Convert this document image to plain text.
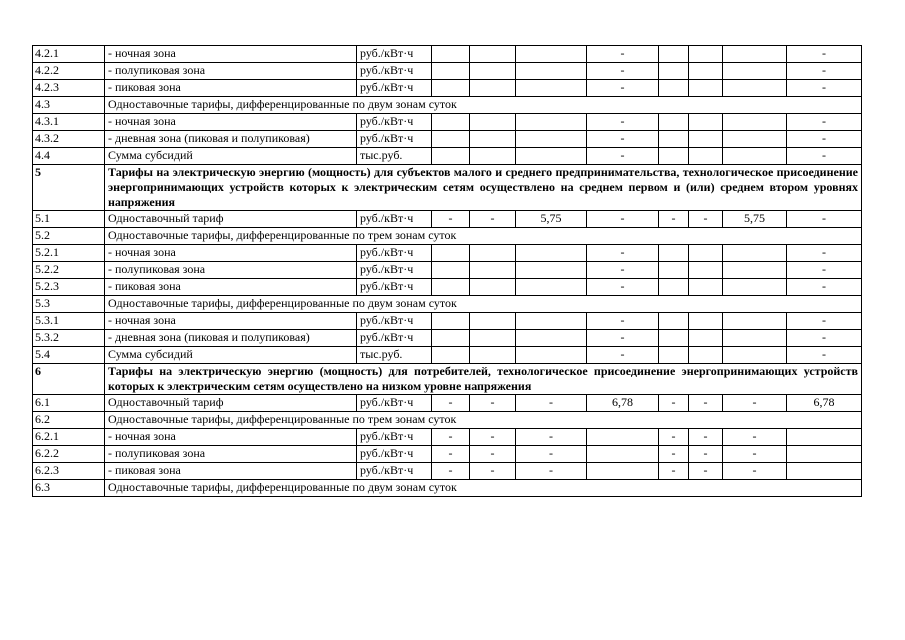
4.2.1	- ночная зона	руб./кВт·ч				-				-
4.2.2	- полупиковая зона	руб./кВт·ч				-				-
4.2.3	- пиковая зона	руб./кВт·ч				-				-
4.3	Одноставочные тарифы, дифференцированные по двум зонам суток									
4.3.1	- ночная зона	руб./кВт·ч				-				-
4.3.2	- дневная зона (пиковая и полупиковая)	руб./кВт·ч				-				-
4.4	Сумма субсидий	тыс.руб.				-				-
5	Тарифы на электрическую энергию (мощность) для субъектов малого и среднего предпринимательства, технологическое присоединение энергопринимающих устройств которых к электрическим сетям осуществлено на среднем первом и (или) среднем втором уровнях напряжения									
5.1	Одноставочный тариф	руб./кВт·ч	-	-	5,75	-	-	-	5,75	-
5.2	Одноставочные тарифы, дифференцированные по трем зонам суток									
5.2.1	- ночная зона	руб./кВт·ч				-				-
5.2.2	- полупиковая зона	руб./кВт·ч				-				-
5.2.3	- пиковая зона	руб./кВт·ч				-				-
5.3	Одноставочные тарифы, дифференцированные по двум зонам суток									
5.3.1	- ночная зона	руб./кВт·ч				-				-
5.3.2	- дневная зона (пиковая и полупиковая)	руб./кВт·ч				-				-
5.4	Сумма субсидий	тыс.руб.				-				-
6	Тарифы на электрическую энергию (мощность) для потребителей, технологическое присоединение энергопринимающих устройств которых к электрическим сетям осуществлено на низком уровне напряжения									
6.1	Одноставочный тариф	руб./кВт·ч	-	-	-	6,78	-	-	-	6,78
6.2	Одноставочные тарифы, дифференцированные по трем зонам суток									
6.2.1	- ночная зона	руб./кВт·ч	-	-	-		-	-	-	
6.2.2	- полупиковая зона	руб./кВт·ч	-	-	-		-	-	-	
6.2.3	- пиковая зона	руб./кВт·ч	-	-	-		-	-	-	
6.3	Одноставочные тарифы, дифференцированные по двум зонам суток									
